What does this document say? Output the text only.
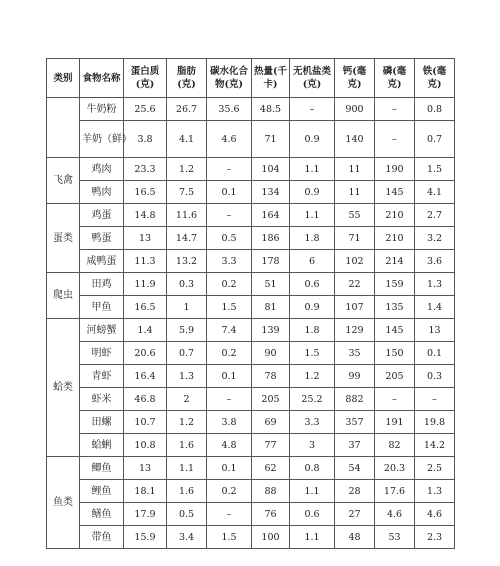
类别	食物名称	蛋白质(克)	脂肪(克)	碳水化合物(克)	热量(千卡)	无机盐类(克)	钙(毫克)	磷(毫克)	铁(毫克)
	牛奶粉	25.6	26.7	35.6	48.5	–	900	–	0.8
	羊奶（鲜）	3.8	4.1	4.6	71	0.9	140	–	0.7
飞禽	鸡肉	23.3	1.2	–	104	1.1	11	190	1.5
	鸭肉	16.5	7.5	0.1	134	0.9	11	145	4.1
蛋类	鸡蛋	14.8	11.6	–	164	1.1	55	210	2.7
	鸭蛋	13	14.7	0.5	186	1.8	71	210	3.2
	咸鸭蛋	11.3	13.2	3.3	178	6	102	214	3.6
爬虫	田鸡	11.9	0.3	0.2	51	0.6	22	159	1.3
	甲鱼	16.5	1	1.5	81	0.9	107	135	1.4
蛤类	河螃蟹	1.4	5.9	7.4	139	1.8	129	145	13
	明虾	20.6	0.7	0.2	90	1.5	35	150	0.1
	青虾	16.4	1.3	0.1	78	1.2	99	205	0.3
	虾米	46.8	2	–	205	25.2	882	–	–
	田螺	10.7	1.2	3.8	69	3.3	357	191	19.8
	蛤蜊	10.8	1.6	4.8	77	3	37	82	14.2
鱼类	鲫鱼	13	1.1	0.1	62	0.8	54	20.3	2.5
	鲤鱼	18.1	1.6	0.2	88	1.1	28	17.6	1.3
	鳝鱼	17.9	0.5	–	76	0.6	27	4.6	4.6
	带鱼	15.9	3.4	1.5	100	1.1	48	53	2.3
